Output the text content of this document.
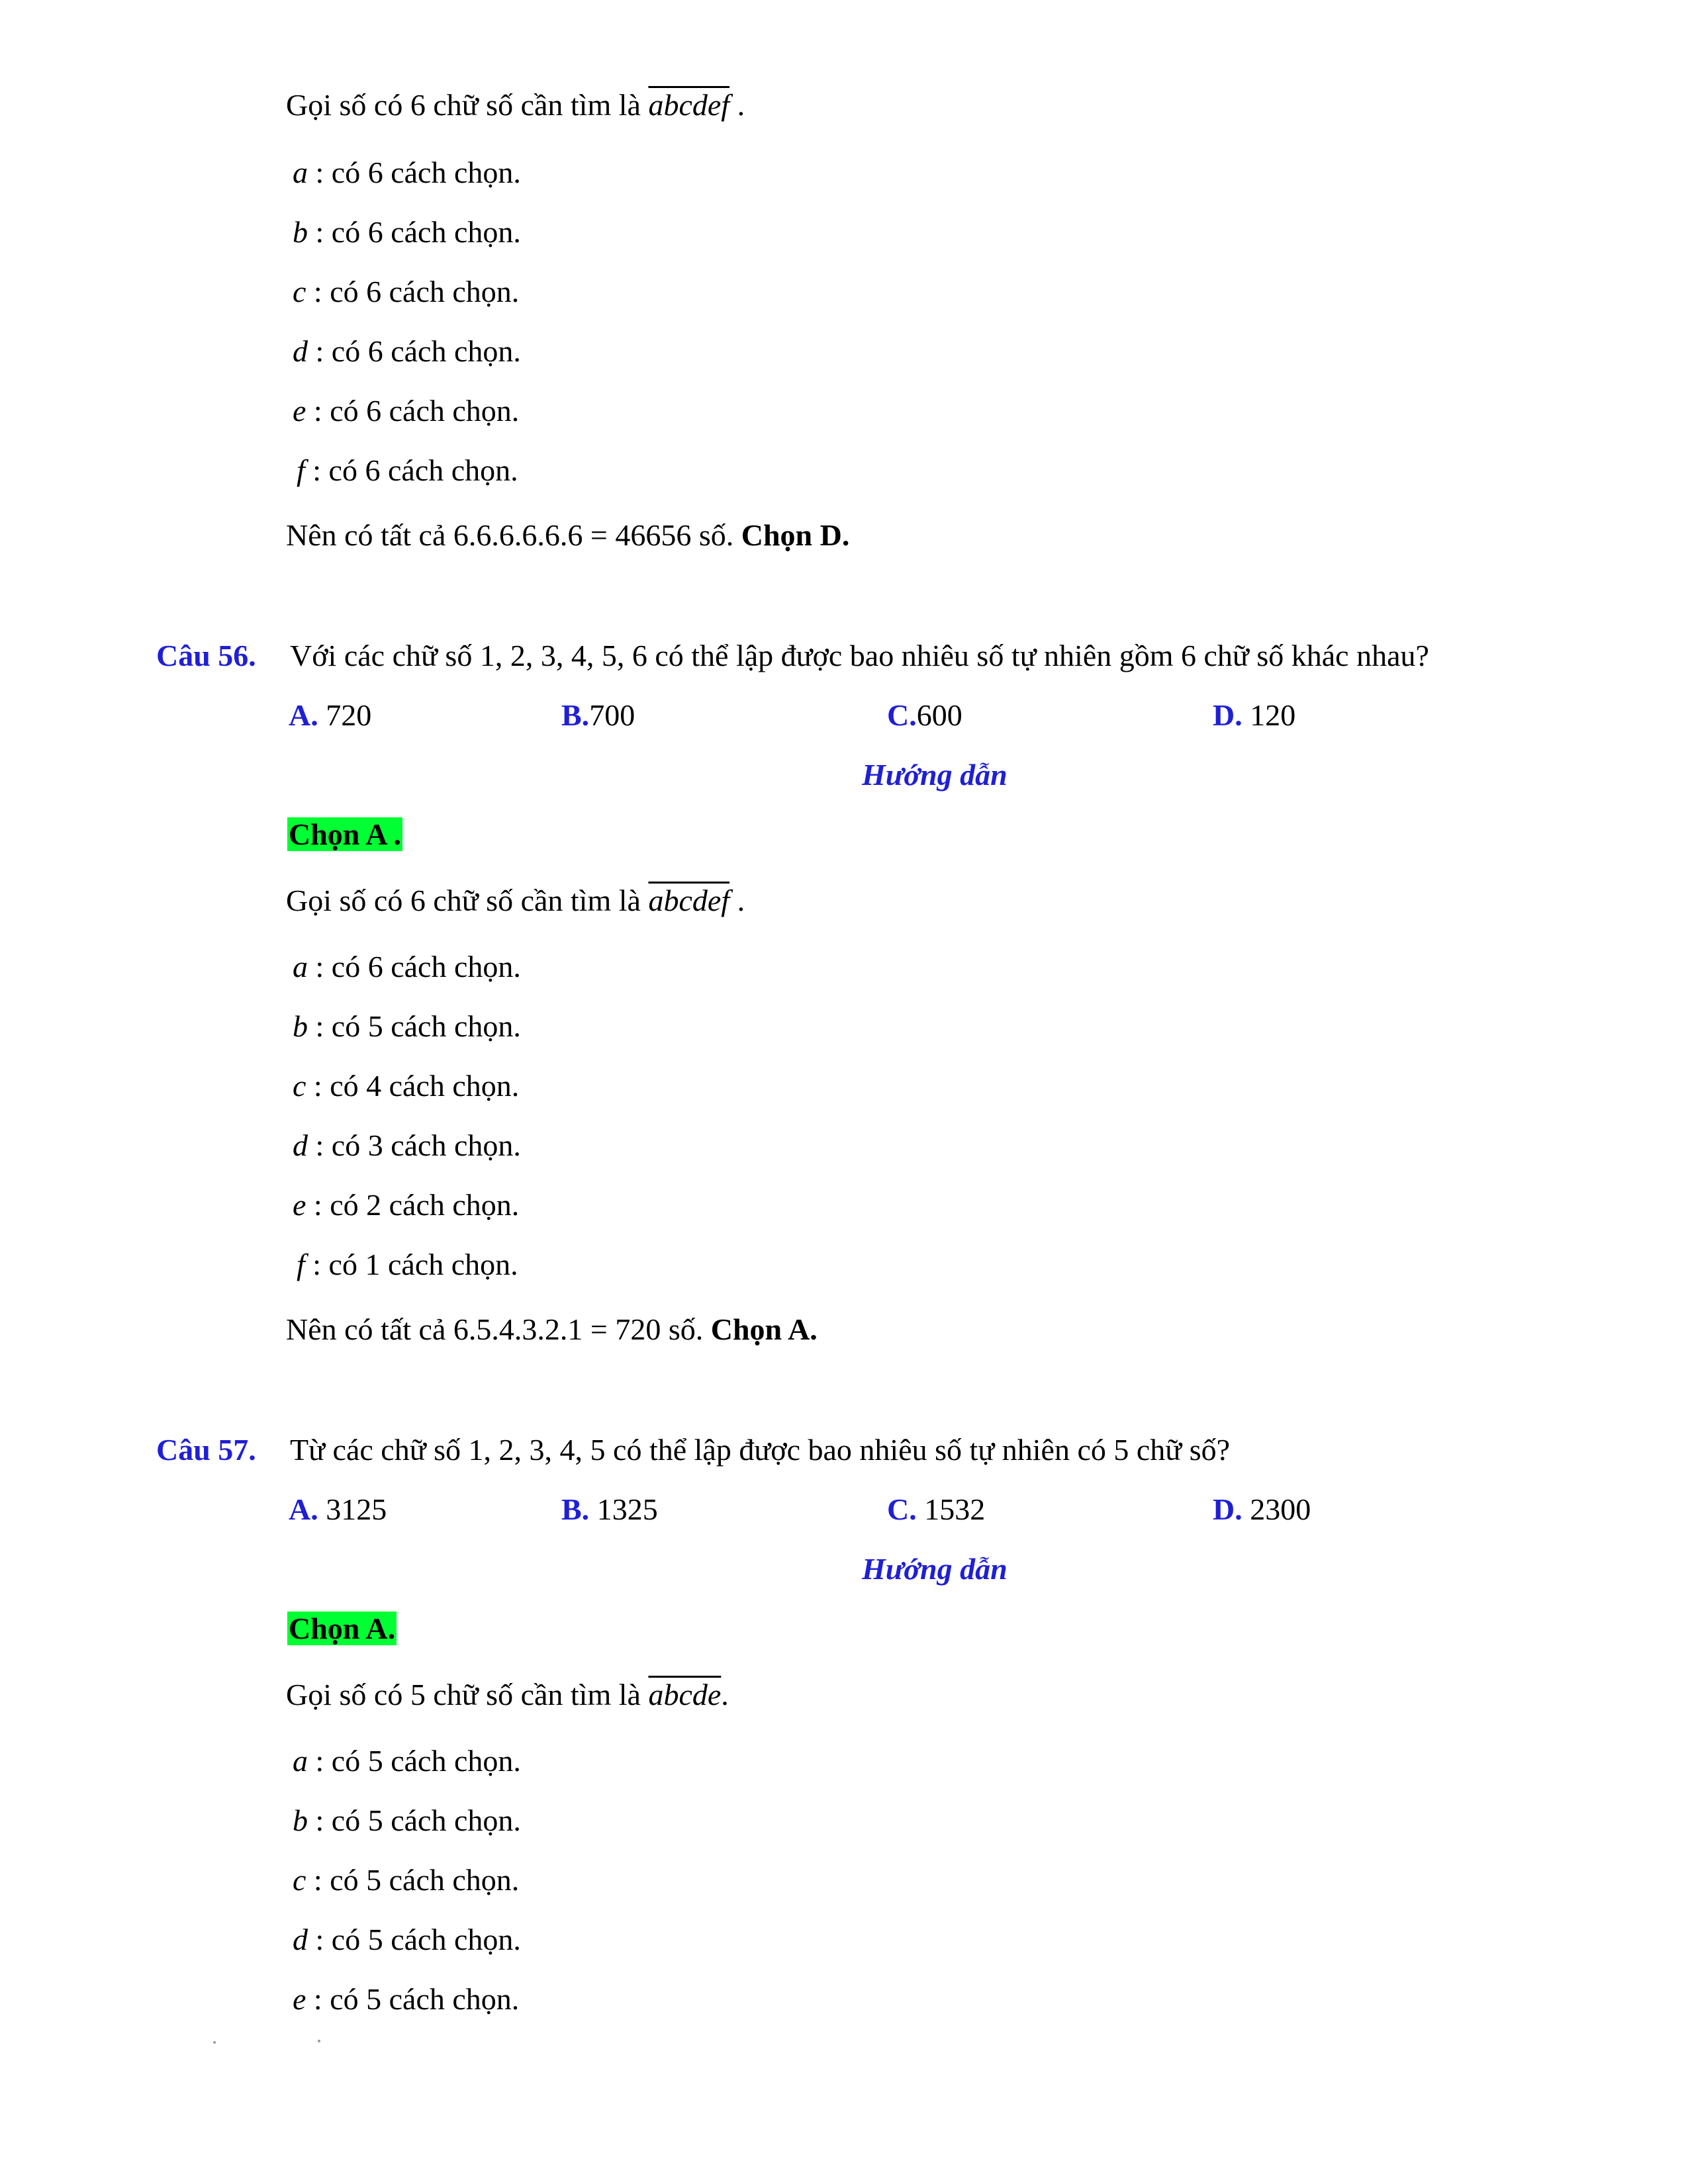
Gọi số có 6 chữ số cần tìm là abcdef .
a : có 6 cách chọn.
b : có 6 cách chọn.
c : có 6 cách chọn.
d : có 6 cách chọn.
e : có 6 cách chọn.
f : có 6 cách chọn.
Nên có tất cả 6.6.6.6.6.6 = 46656 số. Chọn D.
Câu 56. Với các chữ số 1, 2, 3, 4, 5, 6 có thể lập được bao nhiêu số tự nhiên gồm 6 chữ số khác nhau?
A. 720	B.700	C.600	D. 120
Hướng dẫn
Chọn A .
Gọi số có 6 chữ số cần tìm là abcdef .
a : có 6 cách chọn.
b : có 5 cách chọn.
c : có 4 cách chọn.
d : có 3 cách chọn.
e : có 2 cách chọn.
f : có 1 cách chọn.
Nên có tất cả 6.5.4.3.2.1 = 720 số. Chọn A.
Câu 57. Từ các chữ số 1, 2, 3, 4, 5 có thể lập được bao nhiêu số tự nhiên có 5 chữ số?
A. 3125	B. 1325	C. 1532	D. 2300
Hướng dẫn
Chọn A.
Gọi số có 5 chữ số cần tìm là abcde.
a : có 5 cách chọn.
b : có 5 cách chọn.
c : có 5 cách chọn.
d : có 5 cách chọn.
e : có 5 cách chọn.
